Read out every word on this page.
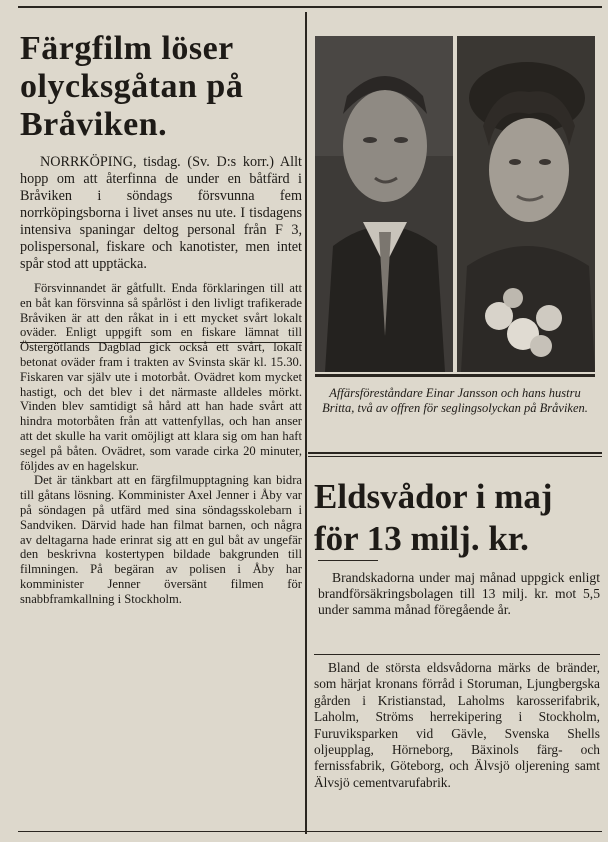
Färgfilm löser olycksgåtan på Bråviken.

NORRKÖPING, tisdag. (Sv. D:s korr.) Allt hopp om att återfinna de under en båtfärd i Bråviken i söndags försvunna fem norrköpingsborna i livet anses nu ute. I tisdagens intensiva spaningar deltog personal från F 3, polispersonal, fiskare och kanotister, men intet spår stod att upptäcka.

Försvinnandet är gåtfullt. Enda förklaringen till att en båt kan försvinna så spårlöst i den livligt trafikerade Bråviken är att den råkat in i ett mycket svårt lokalt oväder. Enligt uppgift som en fiskare lämnat till Östergötlands Dagblad gick också ett svårt, lokalt betonat oväder fram i trakten av Svinsta skär kl. 15.30. Fiskaren var själv ute i motorbåt. Ovädret kom mycket hastigt, och det blev i det närmaste alldeles mörkt. Vinden blev samtidigt så hård att han hade svårt att hindra motorbåten från att vattenfyllas, och han anser att det skulle ha varit omöjligt att klara sig om han haft segel på båten. Ovädret, som varade cirka 20 minuter, följdes av en hagelskur.

Det är tänkbart att en färgfilmupptagning kan bidra till gåtans lösning. Komminister Axel Jenner i Åby var på söndagen på utfärd med sina söndagsskolebarn i Sandviken. Därvid hade han filmat barnen, och några av deltagarna hade erinrat sig att en gul båt av ungefär den beskrivna kostertypen bildade bakgrunden till filmningen. På begäran av polisen i Åby har komminister Jenner översänt filmen för snabbframkallning i Stockholm.

Affärsföreståndare Einar Jansson och hans hustru Britta, två av offren för seglingsolyckan på Bråviken.
Eldsvådor i maj för 13 milj. kr.

Brandskadorna under maj månad uppgick enligt brandförsäkringsbolagen till 13 milj. kr. mot 5,5 under samma månad föregående år.

Bland de största eldsvådorna märks de bränder, som härjat kronans förråd i Storuman, Ljungbergska gården i Kristianstad, Laholms karosserifabrik, Laholm, Ströms herrekipering i Stockholm, Furuviksparken vid Gävle, Svenska Shells oljeupplag, Hörneborg, Bäxinols färg- och fernissfabrik, Göteborg, och Älvsjö oljerening samt Älvsjö cementvarufabrik.
